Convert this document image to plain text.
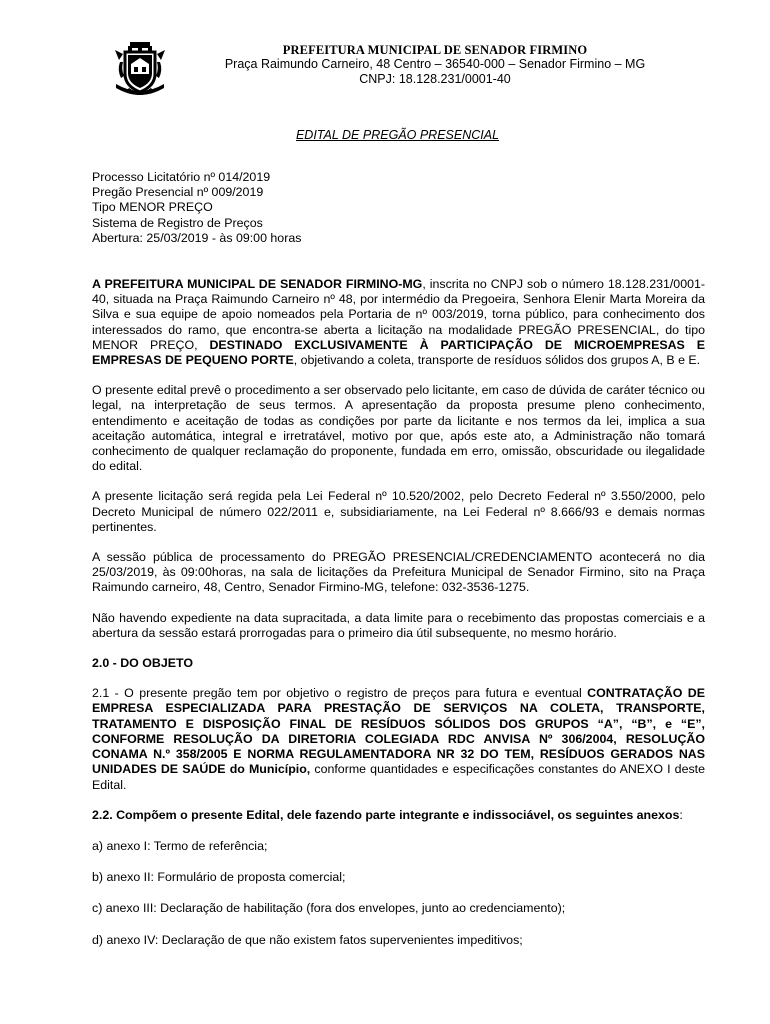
PREFEITURA MUNICIPAL DE SENADOR FIRMINO
Praça Raimundo Carneiro, 48 Centro – 36540-000 – Senador Firmino – MG
CNPJ: 18.128.231/0001-40
EDITAL DE PREGÃO PRESENCIAL

Processo Licitatório nº 014/2019

Pregão Presencial nº 009/2019

Tipo MENOR PREÇO

Sistema de Registro de Preços

Abertura: 25/03/2019 - às 09:00 horas

A PREFEITURA MUNICIPAL DE SENADOR FIRMINO-MG, inscrita no CNPJ sob o número 18.128.231/0001-40, situada na Praça Raimundo Carneiro nº 48, por intermédio da Pregoeira, Senhora Elenir Marta Moreira da Silva e sua equipe de apoio nomeados pela Portaria de nº 003/2019, torna público, para conhecimento dos interessados do ramo, que encontra-se aberta a licitação na modalidade PREGÃO PRESENCIAL, do tipo MENOR PREÇO, DESTINADO EXCLUSIVAMENTE À PARTICIPAÇÃO DE MICROEMPRESAS E EMPRESAS DE PEQUENO PORTE, objetivando a coleta, transporte de resíduos sólidos dos grupos A, B e E.

O presente edital prevê o procedimento a ser observado pelo licitante, em caso de dúvida de caráter técnico ou legal, na interpretação de seus termos. A apresentação da proposta presume pleno conhecimento, entendimento e aceitação de todas as condições por parte da licitante e nos termos da lei, implica a sua aceitação automática, integral e irretratável, motivo por que, após este ato, a Administração não tomará conhecimento de qualquer reclamação do proponente, fundada em erro, omissão, obscuridade ou ilegalidade do edital.

A presente licitação será regida pela Lei Federal nº 10.520/2002, pelo Decreto Federal nº 3.550/2000, pelo Decreto Municipal de número 022/2011 e, subsidiariamente, na Lei Federal nº 8.666/93 e demais normas pertinentes.

A sessão pública de processamento do PREGÃO PRESENCIAL/CREDENCIAMENTO acontecerá no dia 25/03/2019, às 09:00horas, na sala de licitações da Prefeitura Municipal de Senador Firmino, sito na Praça Raimundo carneiro, 48, Centro, Senador Firmino-MG, telefone: 032-3536-1275.

Não havendo expediente na data supracitada, a data limite para o recebimento das propostas comerciais e a abertura da sessão estará prorrogadas para o primeiro dia útil subsequente, no mesmo horário.

2.0 - DO OBJETO

2.1 - O presente pregão tem por objetivo o registro de preços para futura e eventual CONTRATAÇÃO DE EMPRESA ESPECIALIZADA PARA PRESTAÇÃO DE SERVIÇOS NA COLETA, TRANSPORTE, TRATAMENTO E DISPOSIÇÃO FINAL DE RESÍDUOS SÓLIDOS DOS GRUPOS “A”, “B”, e “E”, CONFORME RESOLUÇÃO DA DIRETORIA COLEGIADA RDC ANVISA Nº 306/2004, RESOLUÇÃO CONAMA N.º 358/2005 E NORMA REGULAMENTADORA NR 32 DO TEM, RESÍDUOS GERADOS NAS UNIDADES DE SAÚDE do Município, conforme quantidades e especificações constantes do ANEXO I deste Edital.

2.2. Compõem o presente Edital, dele fazendo parte integrante e indissociável, os seguintes anexos:

a) anexo I: Termo de referência;

b) anexo II: Formulário de proposta comercial;

c) anexo III: Declaração de habilitação (fora dos envelopes, junto ao credenciamento);

d) anexo IV: Declaração de que não existem fatos supervenientes impeditivos;
